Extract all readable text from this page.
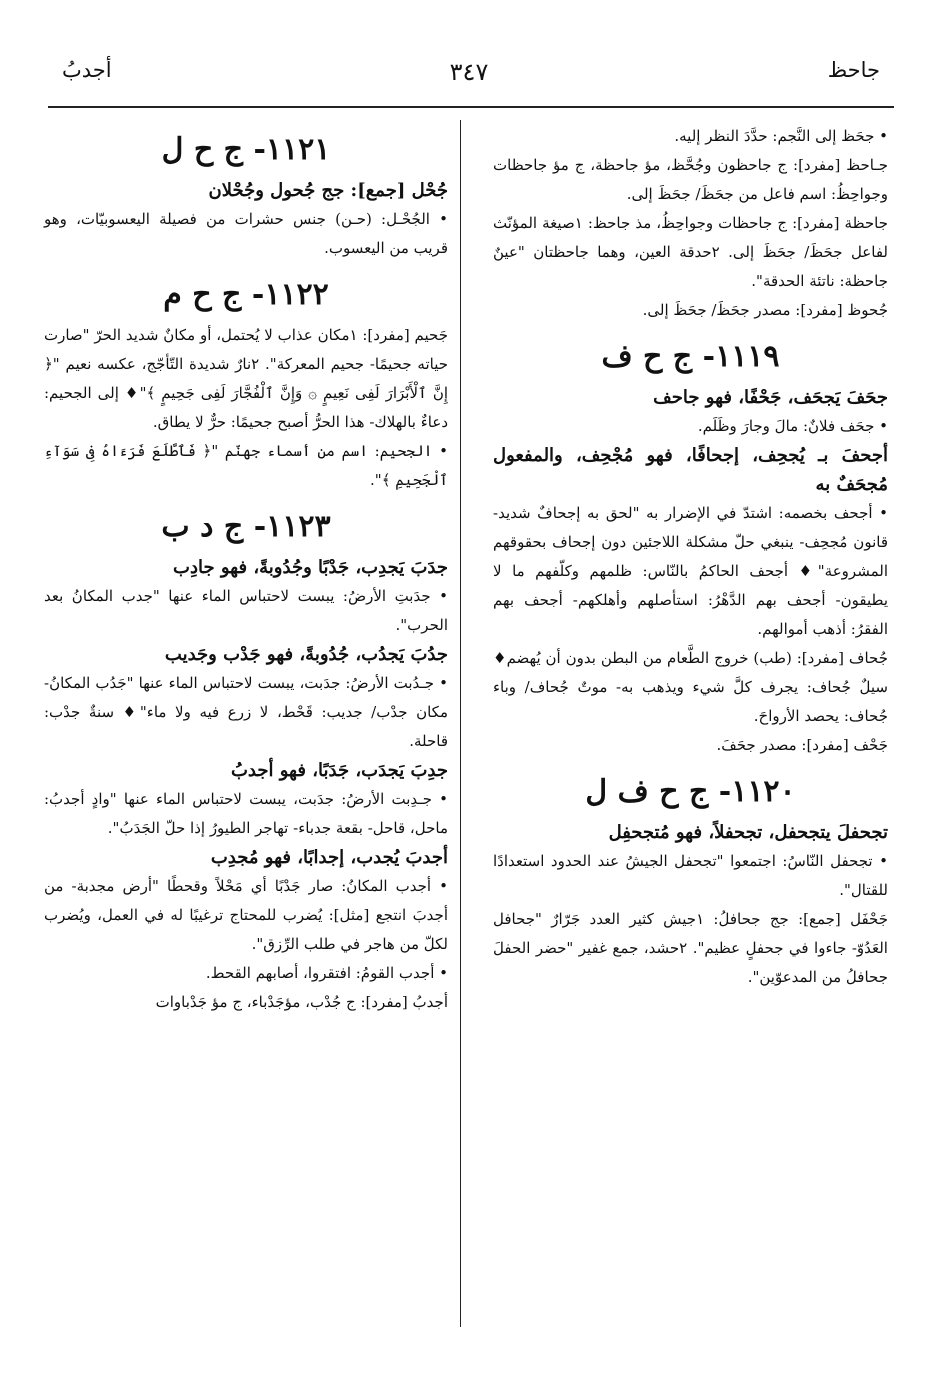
جاحظ
٣٤٧
أجدبُ

• جحَظ إلى النَّجم: حدَّدَ النظر إليه.

جـاحظ [مفرد]: ج جاحظون وجُحَّظ، مؤ جاحظة، ج مؤ جاحظات وجواحِظُ: اسم فاعل من جحَظَ/ جحَظَ إلى.

جاحظة [مفرد]: ج جاحظات وجواحِظُ، مذ جاحظ: ١صيغة المؤنّث لفاعل جحَظَ/ جحَظَ إلى. ٢حدقة العين، وهما جاحظتان "عينٌ جاحظة: ناتئة الحدقة".

جُحوظ [مفرد]: مصدر جحَظَ/ جحَظَ إلى.

١١١٩- ج ح ف

جحَفَ يَجحَف، جَحْفًا، فهو جاحف

• جحَف فلانٌ: مالَ وجارَ وظَلَم.

أجحفَ بـ يُجحِف، إجحافًا، فهو مُجْحِف، والمفعول مُجحَفٌ به

• أجحف بخصمه: اشتدّ في الإضرار به "لحق به إجحافٌ شديد- قانون مُجحِف- ينبغي حلّ مشكلة اللاجئين دون إجحاف بحقوقهم المشروعة"♦ أجحف الحاكمُ بالنّاس: ظلمهم وكلّفهم ما لا يطيقون- أجحف بهم الدَّهْرُ: استأصلهم وأهلكهم- أجحف بهم الفقرُ: أذهب أموالهم.

جُحاف [مفرد]: (طب) خروج الطَّعام من البطن بدون أن يُهضم♦ سيلٌ جُحاف: يجرف كلَّ شيء ويذهب به- موتٌ جُحاف/ وباء جُحاف: يحصد الأرواحَ.

جَحْف [مفرد]: مصدر جحَفَ.

١١٢٠- ج ح ف ل

تجحفلَ يتجحفل، تجحفلاً، فهو مُتجحفِل

• تجحفل النّاسُ: اجتمعوا "تجحفل الجيشُ عند الحدود استعدادًا للقتال".

جَحْفَل [جمع]: جج جحافلُ: ١جيش كثير العدد جَرّارٌ "جحافل العَدُوّ- جاءوا في جحفلٍ عظيم". ٢حشد، جمع غفير "حضر الحفلَ جحافلُ من المدعوّين".

١١٢١- ج ح ل

جُحْل [جمع]: جج جُحول وجُحْلان

• الجُحْـل: (حـن) جنس حشرات من فصيلة اليعسوبيّات، وهو قريب من اليعسوب.

١١٢٢- ج ح م

جَحيم [مفرد]: ١مكان عذاب لا يُحتمل، أو مكانٌ شديد الحرّ "صارت حياته جحيمًا- جحيم المعركة". ٢نارٌ شديدة التّأجّج، عكسه نعيم "﴿ إِنَّ ٱلْأَبْرَارَ لَفِى نَعِيمٍ ۞ وَإِنَّ ٱلْفُجَّارَ لَفِى جَحِيمٍ ﴾"♦ إلى الجحيم: دعاءٌ بالهلاك- هذا الحرُّ أصبح جحيمًا: حرٌّ لا يطاق.

• الجحيم: اسم من أسماء جهنّم "﴿ فَٱطَّلَعَ فَرَءَاهُ فِى سَوَآءِ ٱلْجَحِيمِ ﴾".

١١٢٣- ج د ب

جدَبَ يَجدِب، جَدْبًا وجُدُوبةً، فهو جادِب

• جدَبتِ الأرضُ: يبست لاحتباس الماء عنها "جدب المكانُ بعد الحرب".

جدُبَ يَجدُب، جُدُوبةً، فهو جَدْب وجَديب

• جـدُبت الأرضُ: جدَبت، يبست لاحتباس الماء عنها "جَدُب المكانُ- مكان جدْب/ جديب: قَحْط، لا زرع فيه ولا ماء"♦ سنةٌ جدْب: قاحلة.

جدِبَ يَجدَب، جَدَبًا، فهو أجدبُ

• جـدِبت الأرضُ: جدَبت، يبست لاحتباس الماء عنها "وادٍ أجدبُ: ماحل، قاحل- بقعة جدباء- تهاجر الطيورُ إذا حلّ الجَدَبُ".

أجدبَ يُجدب، إجدابًا، فهو مُجدِب

• أجدب المكانُ: صار جَدْبًا أي مَحْلاً وقحطًا "أرض مجدبة- من أجدبَ انتجع [مثل]: يُضرب للمحتاج ترغيبًا له في العمل، ويُضرب لكلّ من هاجر في طلب الرِّزق".

• أجدب القومُ: افتقروا، أصابهم القحط.

أجدبُ [مفرد]: ج جُدْب، مؤجَدْباء، ج مؤ جَدْباوات
